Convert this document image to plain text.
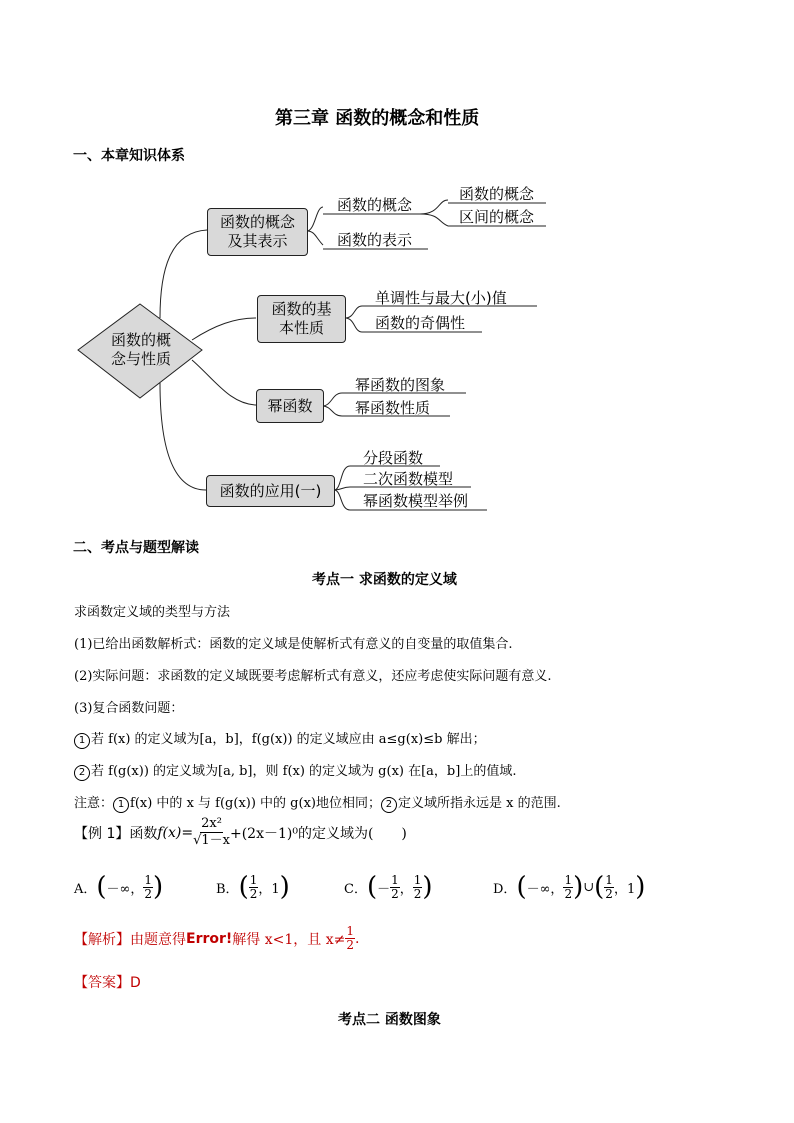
第三章 函数的概念和性质
一、本章知识体系
函数的概
念与性质
函数的概念
及其表示
函数的概念
函数的表示
函数的概念
区间的概念
函数的基
本性质
单调性与最大(小)值
函数的奇偶性
幂函数
幂函数的图象
幂函数性质
函数的应用(一)
分段函数
二次函数模型
幂函数模型举例
二、考点与题型解读
考点一 求函数的定义域
求函数定义域的类型与方法
(1)已给出函数解析式：函数的定义域是使解析式有意义的自变量的取值集合.
(2)实际问题：求函数的定义域既要考虑解析式有意义，还应考虑使实际问题有意义.
(3)复合函数问题：
1 若 f(x) 的定义域为[a，b]，f(g(x)) 的定义域应由 a≤g(x)≤b 解出；
2 若 f(g(x)) 的定义域为[a, b]，则 f(x) 的定义域为 g(x) 在[a，b]上的值域.
注意： 1 f(x) 中的 x 与 f(g(x)) 中的 g(x)地位相同； 2 定义域所指永远是 x 的范围.
【例 1】函数 $f(x)= \frac{\text{2x²}}{√1-x} +(2x-1)^0$的定义域为(　　)
A． ( －∞， $\frac{1}{2}$ )	B． ( $\frac{1}{2}$ ，1 )	C． ( － $\frac{1}{2}$ ， $\frac{1}{2}$ )	D． ( －∞， $\frac{1}{2}$ ) ∪ ( $\frac{1}{2}$ ，1 )
【解析】 由题意得 Error! 解得 x<1，且 $x\ne \frac{1}{2}$ .
【答案】D
考点二 函数图象
